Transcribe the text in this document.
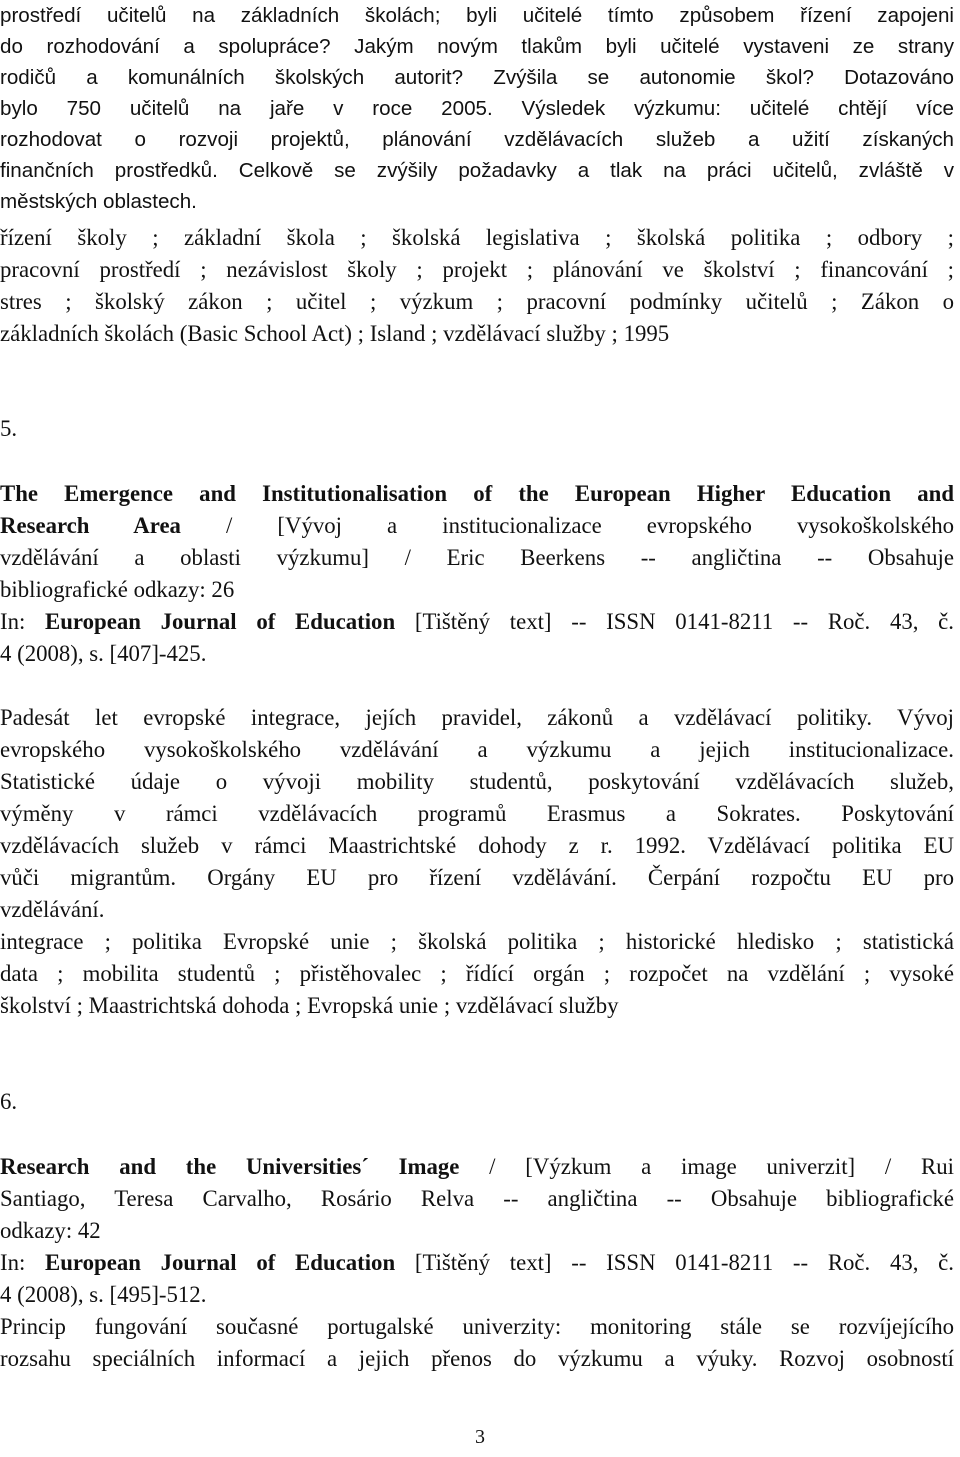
prostředí učitelů na základních školách; byli učitelé tímto způsobem řízení zapojeni
do rozhodování a spolupráce? Jakým novým tlakům byli učitelé vystaveni ze strany
rodičů a komunálních školských autorit? Zvýšila se autonomie škol? Dotazováno
bylo 750 učitelů na jaře v roce 2005. Výsledek výzkumu: učitelé chtějí více
rozhodovat o rozvoji projektů, plánování vzdělávacích služeb a užití získaných
finančních prostředků. Celkově se zvýšily požadavky a tlak na práci učitelů, zvláště v
městských oblastech.
řízení školy ; základní škola ; školská legislativa ; školská politika ; odbory ;
pracovní prostředí ; nezávislost školy ; projekt ; plánování ve školství ; financování ;
stres ; školský zákon ; učitel ; výzkum ; pracovní podmínky učitelů ; Zákon o
základních školách (Basic School Act) ; Island ; vzdělávací služby ; 1995
5.
The Emergence and Institutionalisation of the European Higher Education and
Research Area / [Vývoj a institucionalizace evropského vysokoškolského
vzdělávání a oblasti výzkumu] / Eric Beerkens -- angličtina -- Obsahuje
bibliografické odkazy: 26
In: European Journal of Education [Tištěný text] -- ISSN 0141-8211 -- Roč. 43, č.
4 (2008), s. [407]-425.
Padesát let evropské integrace, jejích pravidel, zákonů a vzdělávací politiky. Vývoj
evropského vysokoškolského vzdělávání a výzkumu a jejich institucionalizace.
Statistické údaje o vývoji mobility studentů, poskytování vzdělávacích služeb,
výměny v rámci vzdělávacích programů Erasmus a Sokrates. Poskytování
vzdělávacích služeb v rámci Maastrichtské dohody z r. 1992. Vzdělávací politika EU
vůči migrantům. Orgány EU pro řízení vzdělávání. Čerpání rozpočtu EU pro
vzdělávání.
integrace ; politika Evropské unie ; školská politika ; historické hledisko ; statistická
data ; mobilita studentů ; přistěhovalec ; řídící orgán ; rozpočet na vzdělání ; vysoké
školství ; Maastrichtská dohoda ; Evropská unie ; vzdělávací služby
6.
Research and the Universities´ Image / [Výzkum a image univerzit] / Rui
Santiago, Teresa Carvalho, Rosário Relva -- angličtina -- Obsahuje bibliografické
odkazy: 42
In: European Journal of Education [Tištěný text] -- ISSN 0141-8211 -- Roč. 43, č.
4 (2008), s. [495]-512.
Princip fungování současné portugalské univerzity: monitoring stále se rozvíjejícího
rozsahu speciálních informací a jejich přenos do výzkumu a výuky. Rozvoj osobností
3
